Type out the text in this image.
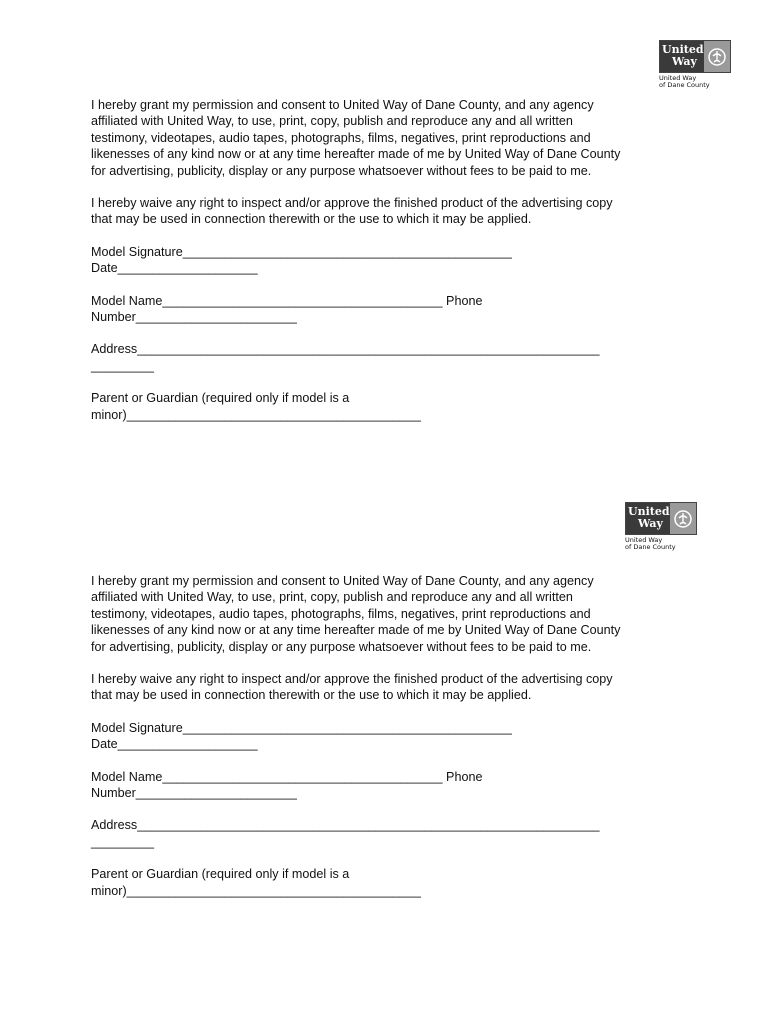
United
Way
United Way
of Dane County

I hereby grant my permission and consent to United Way of Dane County, and any agency
affiliated with United Way, to use, print, copy, publish and reproduce any and all written
testimony, videotapes, audio tapes, photographs, films, negatives, print reproductions and
likenesses of any kind now or at any time hereafter made of me by United Way of Dane County
for advertising, publicity, display or any purpose whatsoever without fees to be paid to me.

I hereby waive any right to inspect and/or approve the finished product of the advertising copy
that may be used in connection therewith or the use to which it may be applied.

Model Signature_______________________________________________
Date____________________

Model Name________________________________________ Phone
Number_______________________

Address__________________________________________________________________
_________

Parent or Guardian (required only if model is a
minor)__________________________________________

United
Way
United Way
of Dane County

I hereby grant my permission and consent to United Way of Dane County, and any agency
affiliated with United Way, to use, print, copy, publish and reproduce any and all written
testimony, videotapes, audio tapes, photographs, films, negatives, print reproductions and
likenesses of any kind now or at any time hereafter made of me by United Way of Dane County
for advertising, publicity, display or any purpose whatsoever without fees to be paid to me.

I hereby waive any right to inspect and/or approve the finished product of the advertising copy
that may be used in connection therewith or the use to which it may be applied.

Model Signature_______________________________________________
Date____________________

Model Name________________________________________ Phone
Number_______________________

Address__________________________________________________________________
_________

Parent or Guardian (required only if model is a
minor)__________________________________________
